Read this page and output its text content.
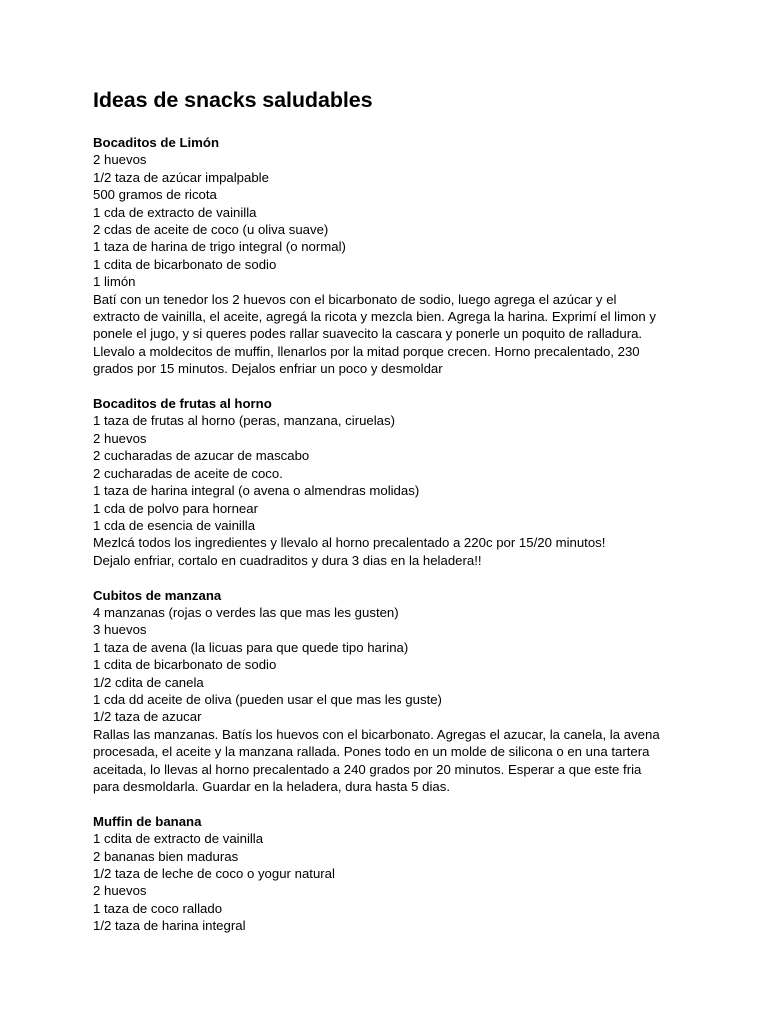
Ideas de snacks saludables
Bocaditos de Limón
2 huevos
1/2 taza de azúcar impalpable
500 gramos de ricota
1 cda de extracto de vainilla
2 cdas de aceite de coco (u oliva suave)
1 taza de harina de trigo integral (o normal)
1 cdita de bicarbonato de sodio
1 limón
Batí con un tenedor los 2 huevos con el bicarbonato de sodio, luego agrega el azúcar y el
extracto de vainilla, el aceite, agregá la ricota y mezcla bien. Agrega la harina. Exprimí el limon y
ponele el jugo, y si queres podes rallar suavecito la cascara y ponerle un poquito de ralladura.
Llevalo a moldecitos de muffin, llenarlos por la mitad porque crecen. Horno precalentado, 230
grados por 15 minutos. Dejalos enfriar un poco y desmoldar
Bocaditos de frutas al horno
1 taza de frutas al horno (peras, manzana, ciruelas)
2 huevos
2 cucharadas de azucar de mascabo
2 cucharadas de aceite de coco.
1 taza de harina integral (o avena o almendras molidas)
1 cda de polvo para hornear
1 cda de esencia de vainilla
Mezlcá todos los ingredientes y llevalo al horno precalentado a 220c por 15/20 minutos!
Dejalo enfriar, cortalo en cuadraditos y dura 3 dias en la heladera!!
Cubitos de manzana
4 manzanas (rojas o verdes las que mas les gusten)
3 huevos
1 taza de avena (la licuas para que quede tipo harina)
1 cdita de bicarbonato de sodio
1/2 cdita de canela
1 cda dd aceite de oliva (pueden usar el que mas les guste)
1/2 taza de azucar
Rallas las manzanas. Batís los huevos con el bicarbonato. Agregas el azucar, la canela, la avena
procesada, el aceite y la manzana rallada. Pones todo en un molde de silicona o en una tartera
aceitada, lo llevas al horno precalentado a 240 grados por 20 minutos. Esperar a que este fria
para desmoldarla. Guardar en la heladera, dura hasta 5 dias.
Muffin de banana
1 cdita de extracto de vainilla
2 bananas bien maduras
1/2 taza de leche de coco o yogur natural
2 huevos
1 taza de coco rallado
1/2 taza de harina integral
